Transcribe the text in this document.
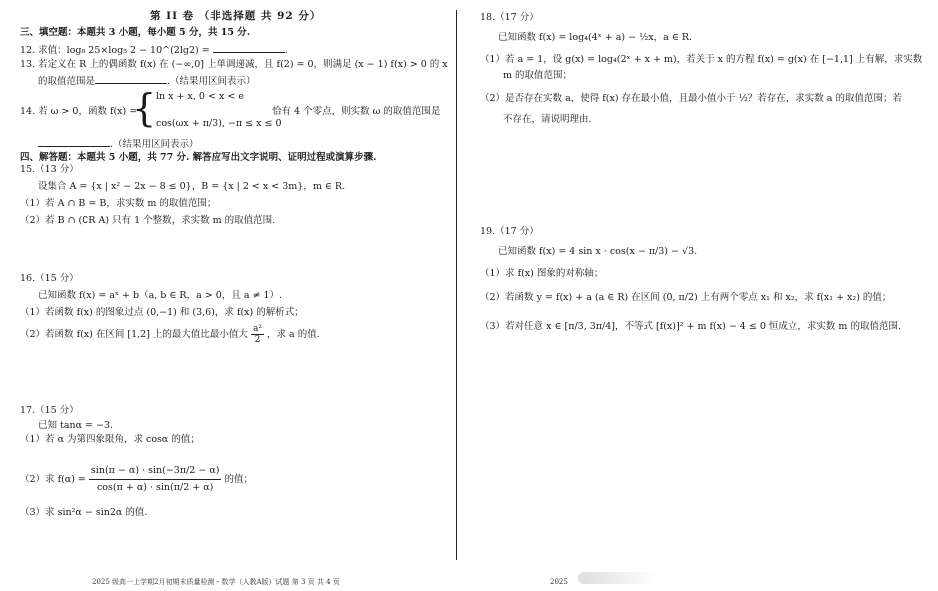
第 II 卷 （非选择题 共 92 分）
三、填空题：本题共 3 小题，每小题 5 分，共 15 分.
12. 求值：log₈ 25×log₅ 2 − 10^(2lg2) =	.
13. 若定义在 R 上的偶函数 f(x) 在 (−∞,0] 上单调递减，且 f(2) = 0，则满足 (x − 1) f(x) > 0 的 x
的取值范围是	.（结果用区间表示）
14. 若 ω > 0，函数 f(x) =
{ ln x + x, 0 < x < e
cos(ωx + π/3), −π ≤ x ≤ 0
恰有 4 个零点，则实数 ω 的取值范围是
.（结果用区间表示）
四、解答题：本题共 5 小题，共 77 分. 解答应写出文字说明、证明过程或演算步骤.
15.（13 分）
设集合 A = {x | x² − 2x − 8 ≤ 0}，B = {x | 2 < x < 3m}，m ∈ R.
（1）若 A ∩ B = B，求实数 m 的取值范围；
（2）若 B ∩ (∁R A) 只有 1 个整数，求实数 m 的取值范围.
16.（15 分）
已知函数 f(x) = aˣ + b（a, b ∈ R，a > 0，且 a ≠ 1）.
（1）若函数 f(x) 的图象过点 (0,−1) 和 (3,6)，求 f(x) 的解析式；
（2）若函数 f(x) 在区间 [1,2] 上的最大值比最小值大 $\frac{\text{a²}}{2}$ ，求 a 的值.
17.（15 分）
已知 tanα = −3.
（1）若 α 为第四象限角，求 cosα 的值；
（2）求 $f(\alpha) = \frac{\sin(\pi - \alpha) \cdot \sin(-3\pi/2 - \alpha)}{\cos(\pi + \alpha) \cdot \sin(\pi/2 + \alpha)}$ 的值；
（3）求 sin²α − sin2α 的值.
2025 级高一上学期2月初期末质量检测・数学（人教A版）试题 第 3 页 共 4 页
18.（17 分）
已知函数 f(x) = log₄(4ˣ + a) − ½x，a ∈ R.
（1）若 a = 1，设 g(x) = log₄(2ˣ + x + m)，若关于 x 的方程 f(x) = g(x) 在 [−1,1] 上有解，求实数
m 的取值范围；
（2）是否存在实数 a，使得 f(x) 存在最小值，且最小值小于 ½？若存在，求实数 a 的取值范围；若
不存在，请说明理由.
19.（17 分）
已知函数 f(x) = 4 sin x · cos(x − π/3) − √3.
（1）求 f(x) 图象的对称轴；
（2）若函数 y = f(x) + a (a ∈ R) 在区间 (0, π/2) 上有两个零点 x₁ 和 x₂，求 f(x₁ + x₂) 的值；
（3）若对任意 x ∈ [π/3, 3π/4]，不等式 [f(x)]² + m f(x) − 4 ≤ 0 恒成立，求实数 m 的取值范围.
2025
